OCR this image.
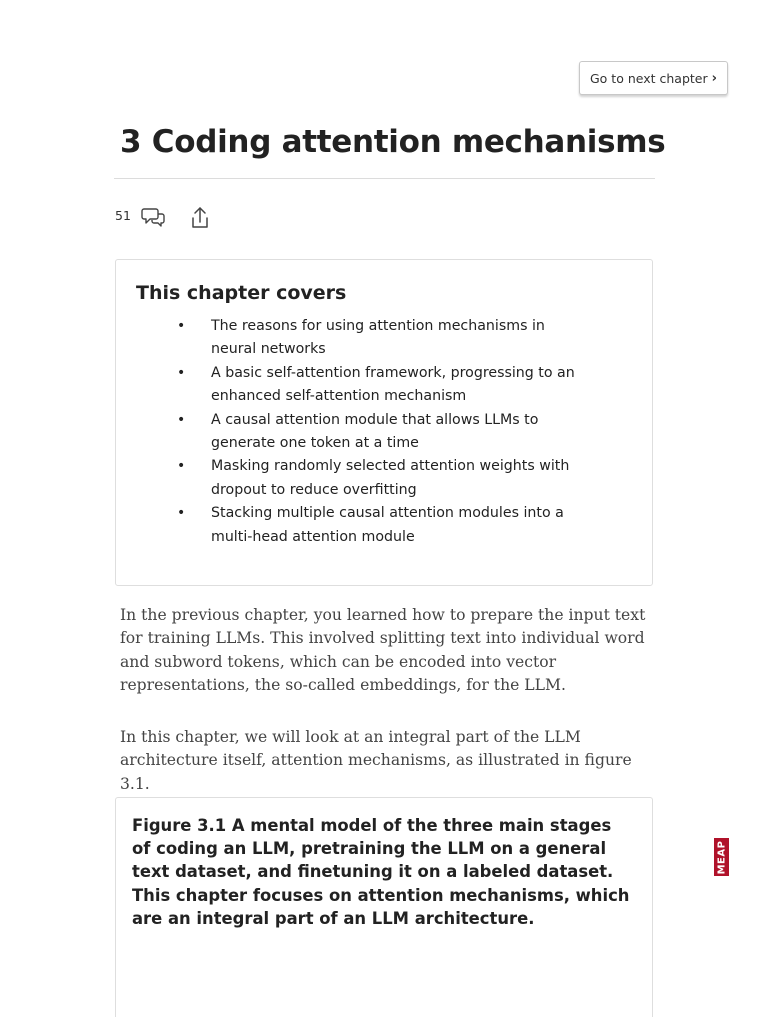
Go to next chapter ›
3 Coding attention mechanisms
51
This chapter covers
• The reasons for using attention mechanisms in
neural networks
• A basic self-attention framework, progressing to an
enhanced self-attention mechanism
• A causal attention module that allows LLMs to
generate one token at a time
• Masking randomly selected attention weights with
dropout to reduce overfitting
• Stacking multiple causal attention modules into a
multi-head attention module

In the previous chapter, you learned how to prepare the input text for training LLMs. This involved splitting text into individual word and subword tokens, which can be encoded into vector representations, the so-called embeddings, for the LLM.

In this chapter, we will look at an integral part of the LLM architecture itself, attention mechanisms, as illustrated in figure 3.1.

Figure 3.1 A mental model of the three main stages of coding an LLM, pretraining the LLM on a general text dataset, and finetuning it on a labeled dataset. This chapter focuses on attention mechanisms, which are an integral part of an LLM architecture.
MEAP
